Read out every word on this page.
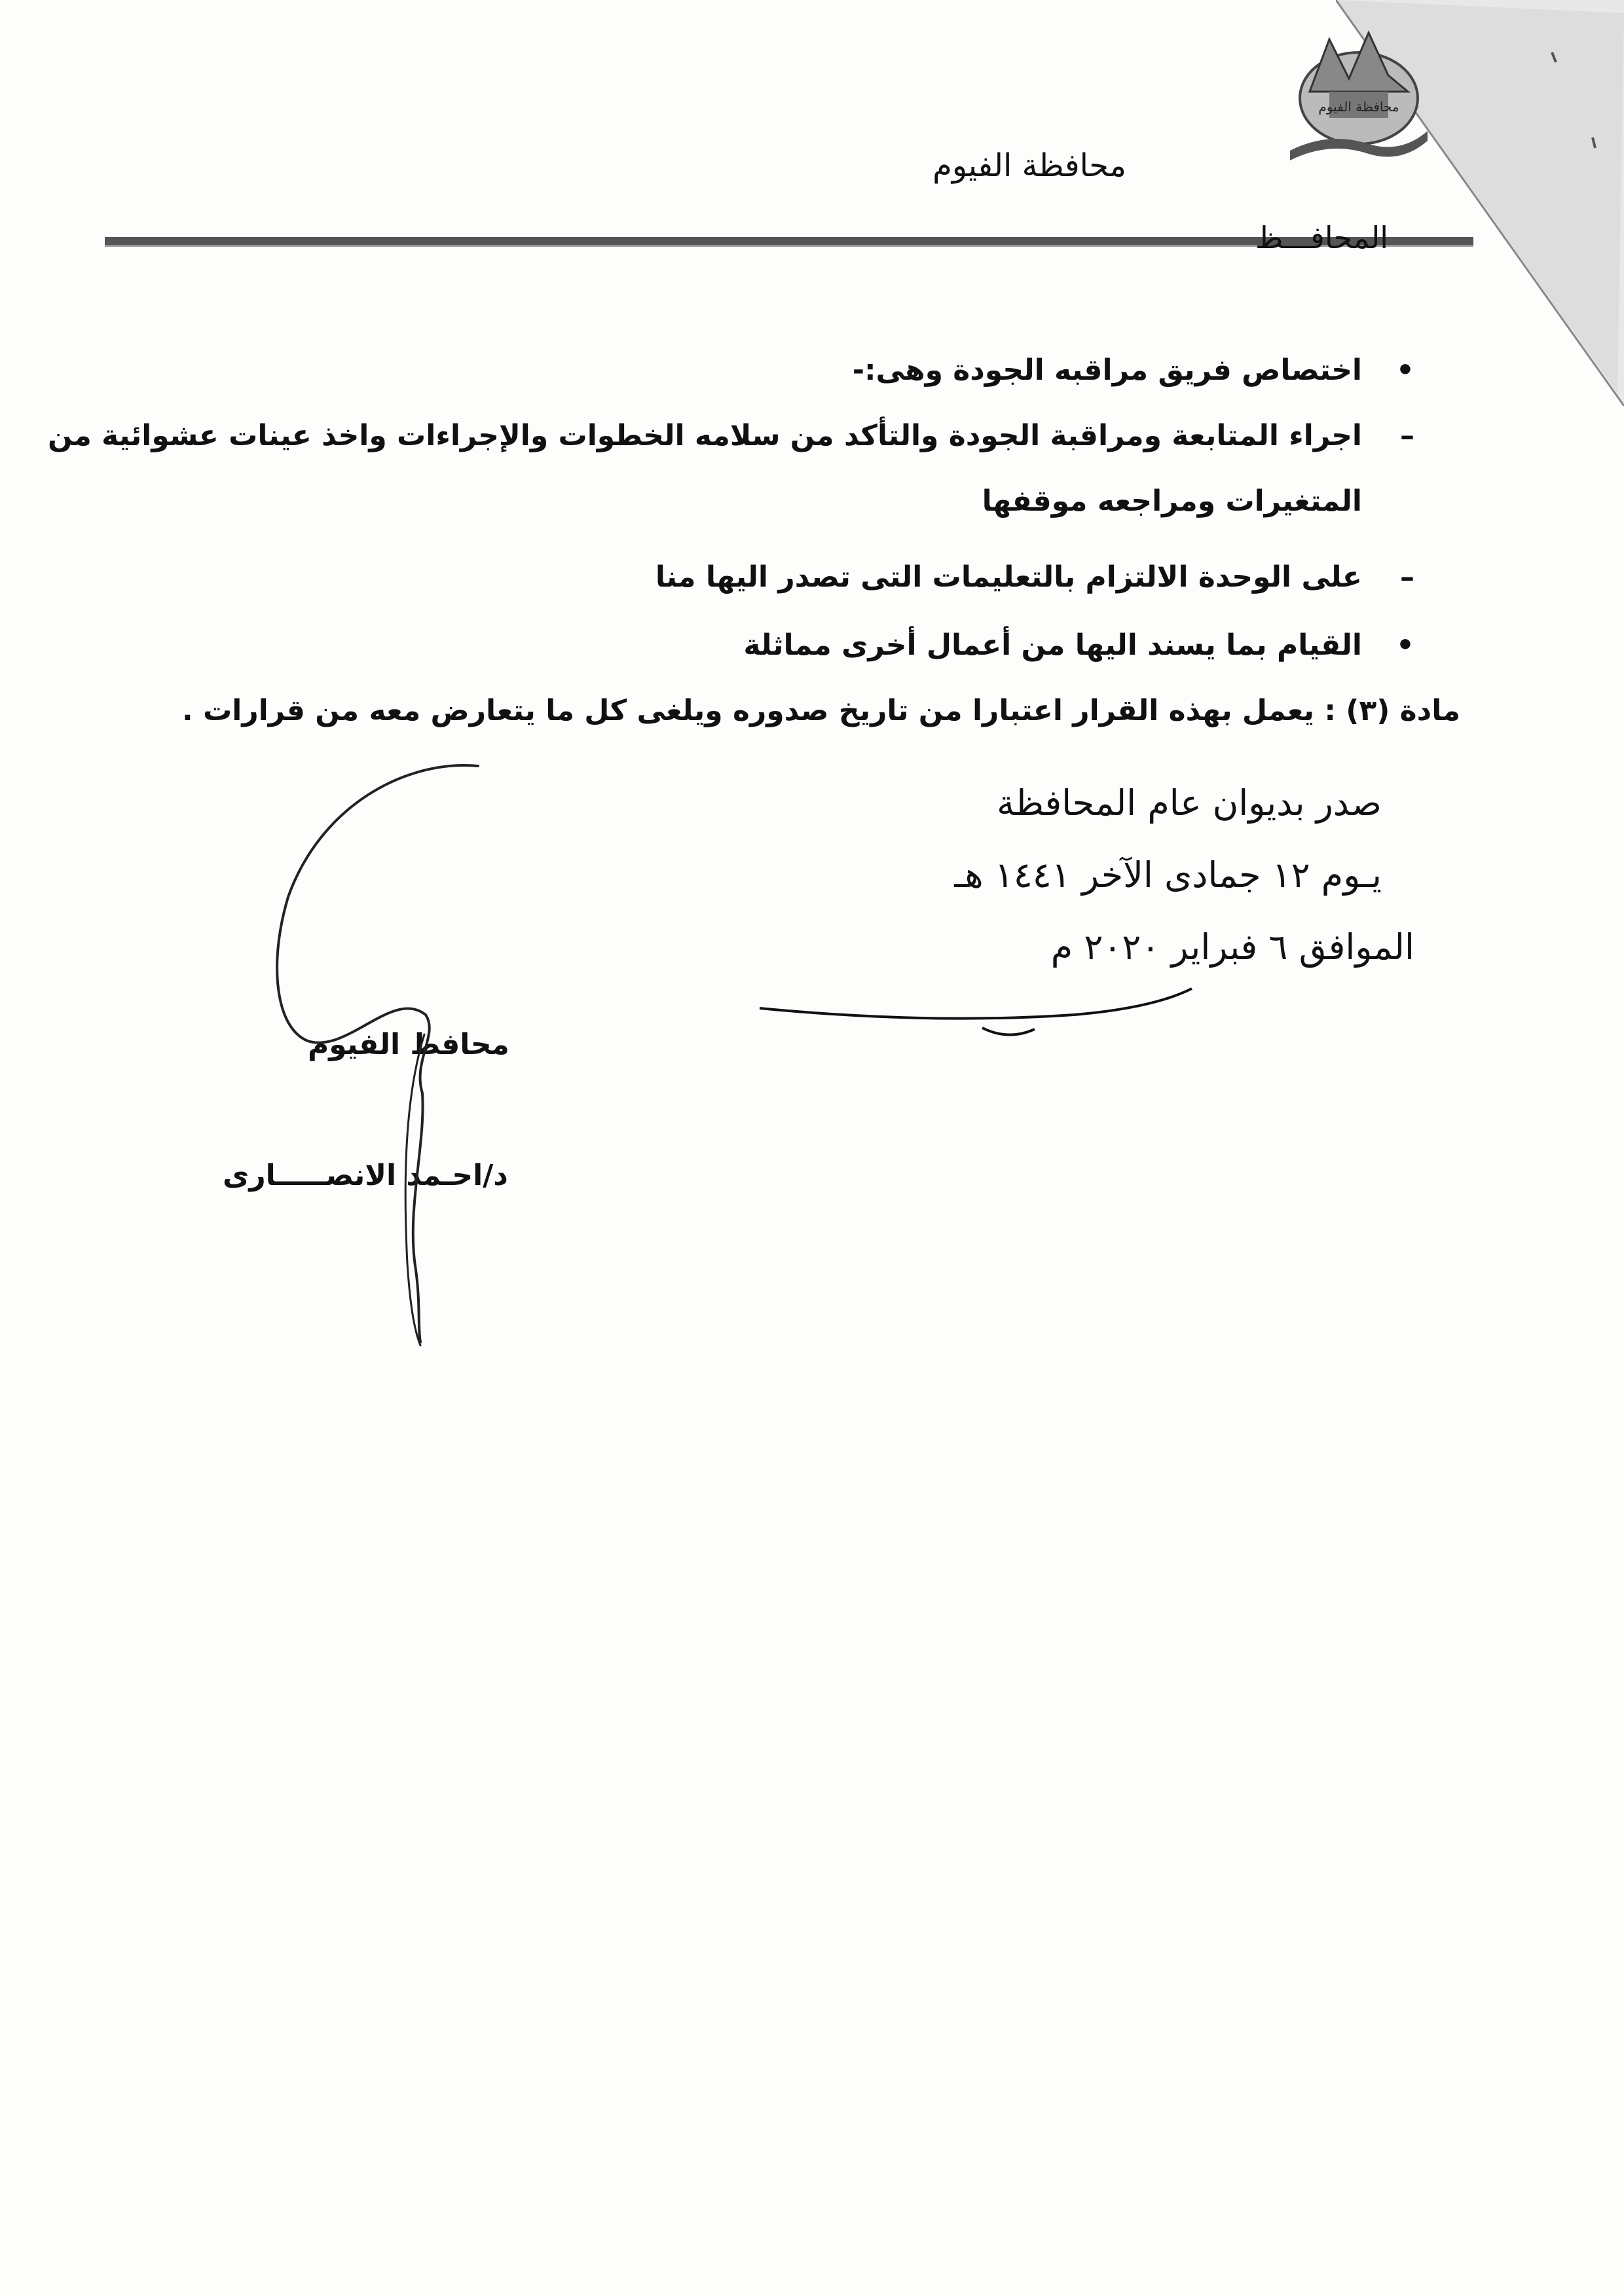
محافظة الفيوم
محافظة الفيوم
المحافـــظ
•
اختصاص فريق مراقبه الجودة وهى:-
–
اجراء المتابعة ومراقبة الجودة والتأكد من سلامه الخطوات والإجراءات واخذ عينات عشوائية من
المتغيرات ومراجعه موقفها
–
على الوحدة الالتزام بالتعليمات التى تصدر اليها منا
•
القيام بما يسند اليها من أعمال أخرى مماثلة
مادة (٣) : يعمل بهذه القرار اعتبارا من تاريخ صدوره ويلغى كل ما يتعارض معه من قرارات .
صدر بديوان عام المحافظة
يـوم ١٢ جمادى الآخر ١٤٤١ هـ
الموافق ٦ فبراير ٢٠٢٠ م
محافظ الفيوم
د/احـمد الانصـــــارى
